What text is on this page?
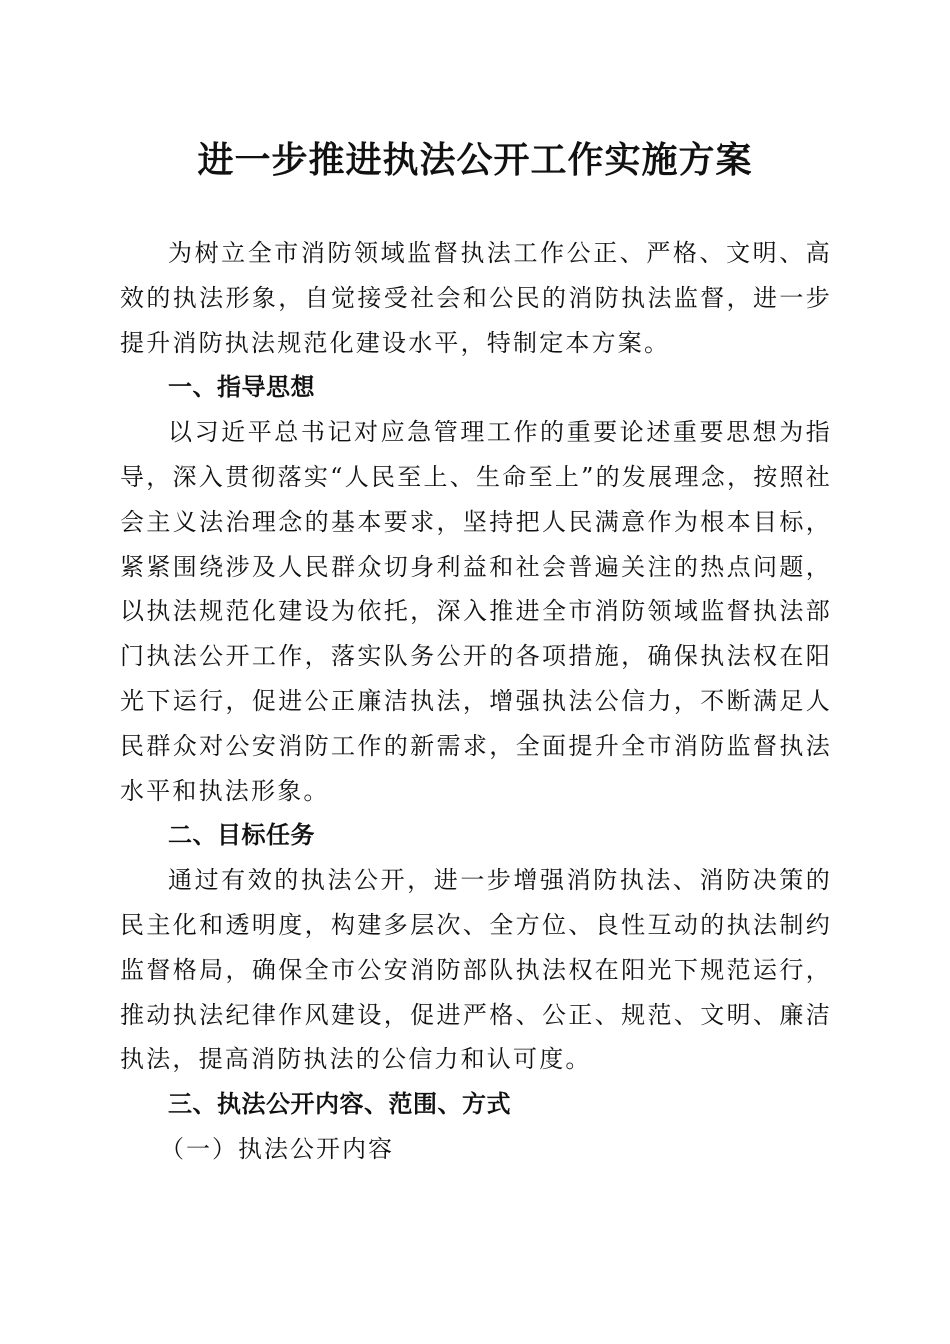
进一步推进执法公开工作实施方案

为树立全市消防领域监督执法工作公正、严格、文明、高效的执法形象，自觉接受社会和公民的消防执法监督，进一步提升消防执法规范化建设水平，特制定本方案。

一、指导思想

以习近平总书记对应急管理工作的重要论述重要思想为指导，深入贯彻落实“人民至上、生命至上”的发展理念，按照社会主义法治理念的基本要求，坚持把人民满意作为根本目标，紧紧围绕涉及人民群众切身利益和社会普遍关注的热点问题，以执法规范化建设为依托，深入推进全市消防领域监督执法部门执法公开工作，落实队务公开的各项措施，确保执法权在阳光下运行，促进公正廉洁执法，增强执法公信力，不断满足人民群众对公安消防工作的新需求，全面提升全市消防监督执法水平和执法形象。

二、目标任务

通过有效的执法公开，进一步增强消防执法、消防决策的民主化和透明度，构建多层次、全方位、良性互动的执法制约监督格局，确保全市公安消防部队执法权在阳光下规范运行，推动执法纪律作风建设，促进严格、公正、规范、文明、廉洁执法，提高消防执法的公信力和认可度。

三、执法公开内容、范围、方式

（一）执法公开内容
